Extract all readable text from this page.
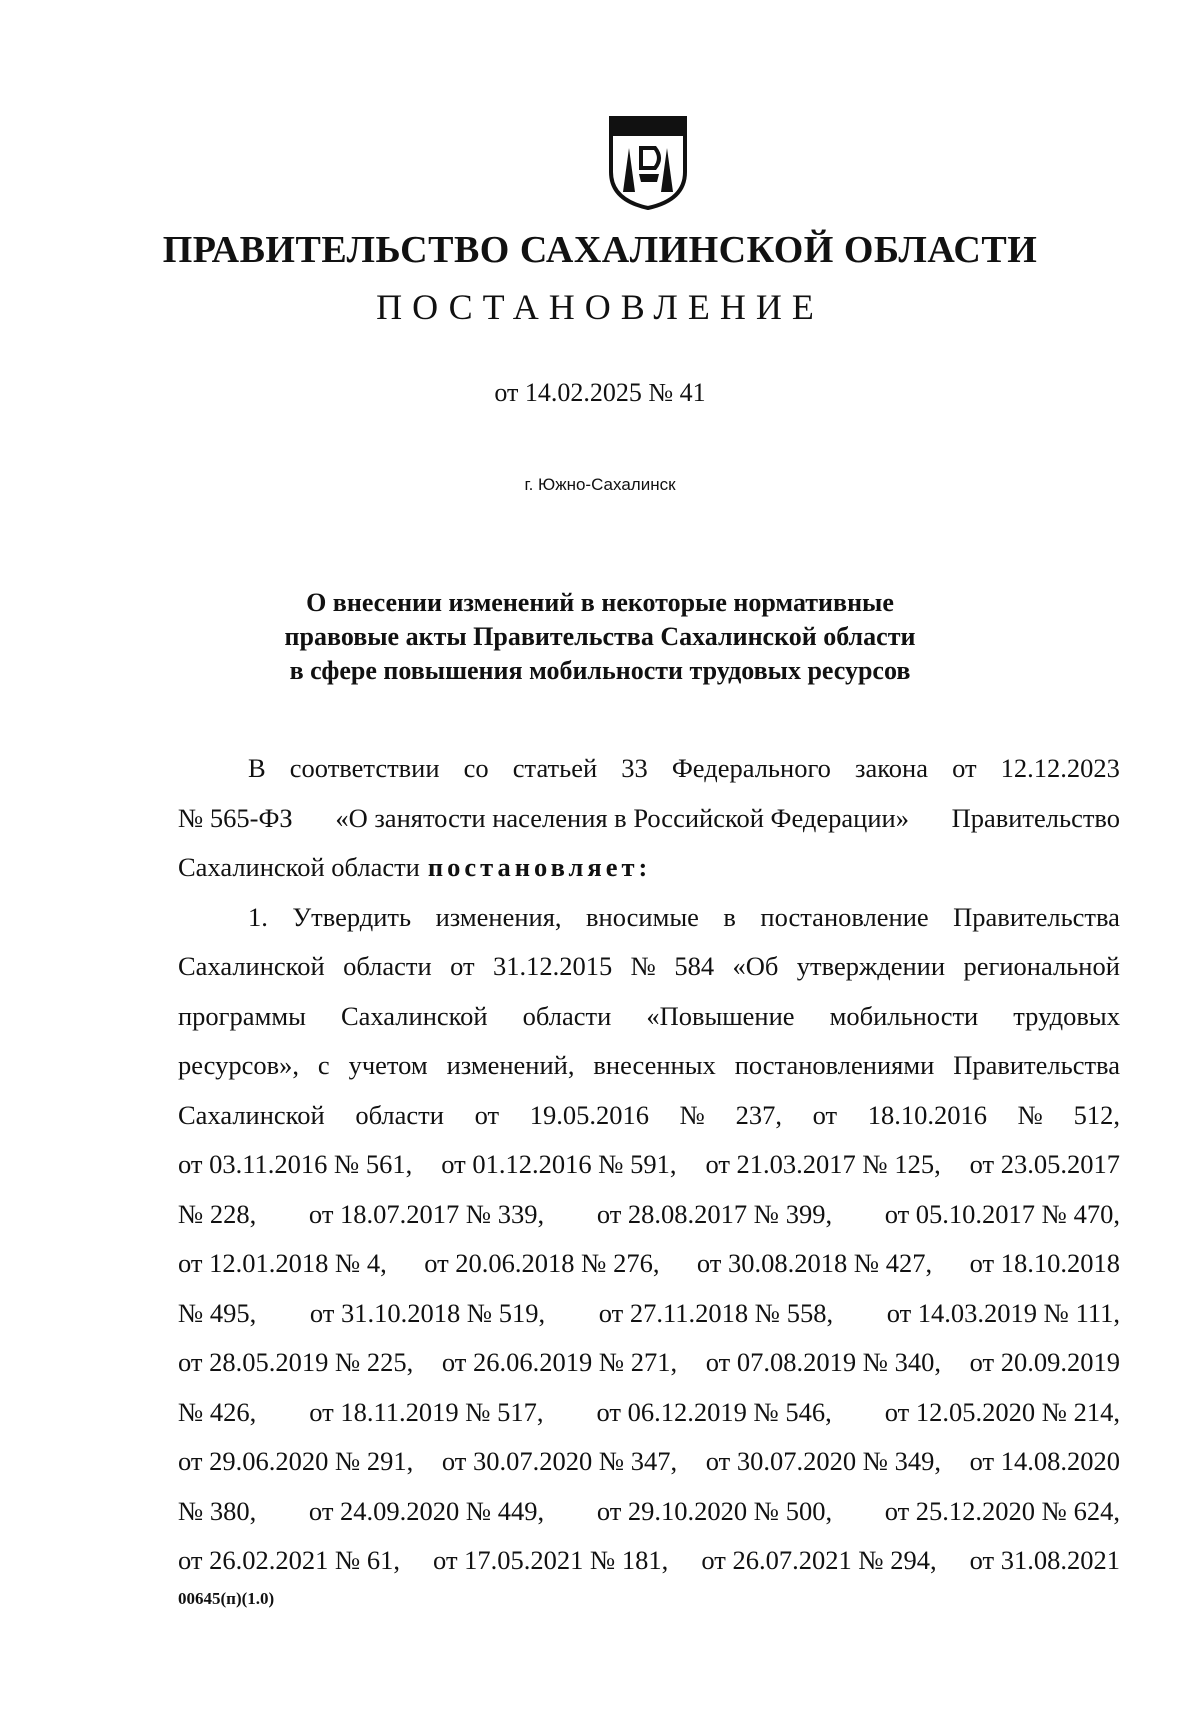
ПРАВИТЕЛЬСТВО САХАЛИНСКОЙ ОБЛАСТИ
ПОСТАНОВЛЕНИЕ
от 14.02.2025 № 41
г. Южно-Сахалинск
О внесении изменений в некоторые нормативные
правовые акты Правительства Сахалинской области
в сфере повышения мобильности трудовых ресурсов
В соответствии со статьей 33 Федерального закона от 12.12.2023
№ 565-ФЗ «О занятости населения в Российской Федерации» Правительство
Сахалинской области постановляет:
1. Утвердить изменения, вносимые в постановление Правительства
Сахалинской области от 31.12.2015 № 584 «Об утверждении региональной
программы Сахалинской области «Повышение мобильности трудовых
ресурсов», с учетом изменений, внесенных постановлениями Правительства
Сахалинской области от 19.05.2016 № 237, от 18.10.2016 № 512,
от 03.11.2016 № 561, от 01.12.2016 № 591, от 21.03.2017 № 125, от 23.05.2017
№ 228, от 18.07.2017 № 339, от 28.08.2017 № 399, от 05.10.2017 № 470,
от 12.01.2018 № 4, от 20.06.2018 № 276, от 30.08.2018 № 427, от 18.10.2018
№ 495, от 31.10.2018 № 519, от 27.11.2018 № 558, от 14.03.2019 № 111,
от 28.05.2019 № 225, от 26.06.2019 № 271, от 07.08.2019 № 340, от 20.09.2019
№ 426, от 18.11.2019 № 517, от 06.12.2019 № 546, от 12.05.2020 № 214,
от 29.06.2020 № 291, от 30.07.2020 № 347, от 30.07.2020 № 349, от 14.08.2020
№ 380, от 24.09.2020 № 449, от 29.10.2020 № 500, от 25.12.2020 № 624,
от 26.02.2021 № 61, от 17.05.2021 № 181, от 26.07.2021 № 294, от 31.08.2021
00645(п)(1.0)
